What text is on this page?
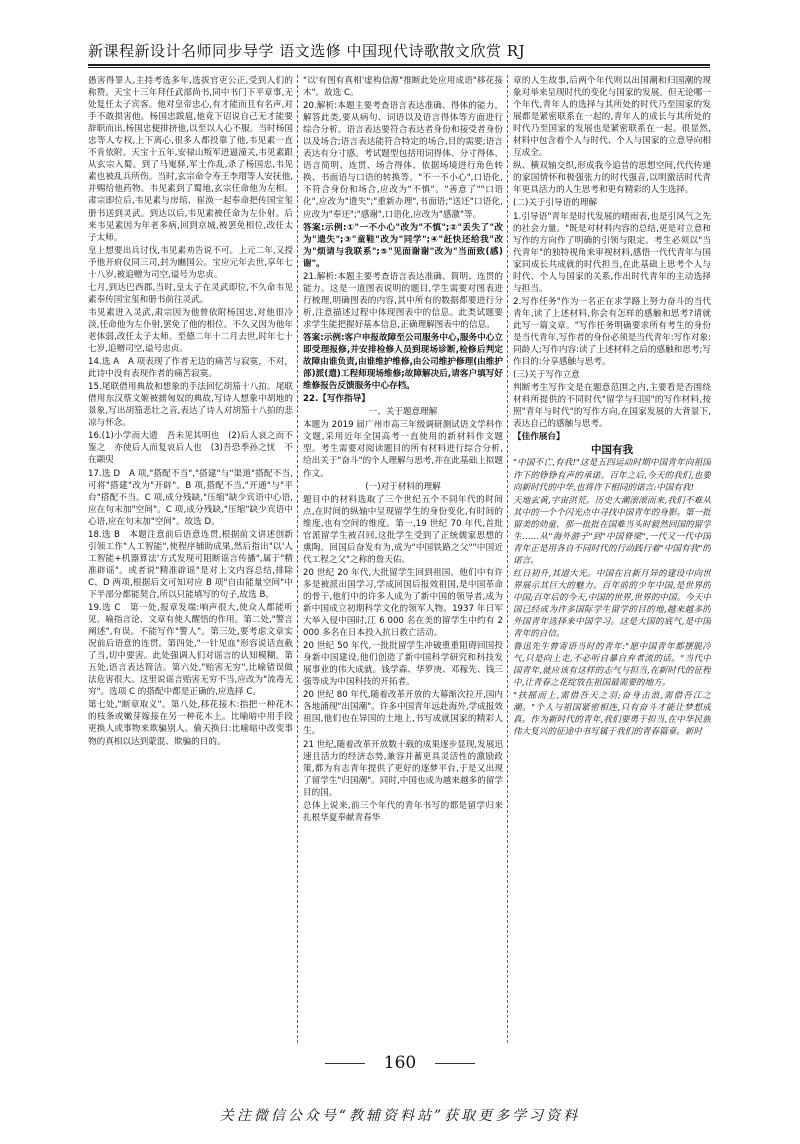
新课程新设计名师同步导学 语文选修 中国现代诗歌散文欣赏 RJ

愚害得罪人,主持考选多年,选拔官吏公正,受到人们的称赞。天宝十三年拜任武部尚书,同中书门下平章事,无处复任太子宾客。他对皇帝忠心,有才能而且有名声,对手不敢损害他。杨国忠跋扈,他竟下诏说自己无才能要辞职而出,杨国忠便排挤他,以至以人心不服。当时杨国忠等人专权,上下离心,很多人都投靠了他,韦见素一直不肯依附。天宝十五年,安禄山叛军进逼潼关,韦见素跟从玄宗入蜀。到了马嵬驿,军士作乱,杀了杨国忠,韦见素也被乱兵所伤。当时,玄宗命令寿王李瑁等人安抚他,并赐给他药物。韦见素到了蜀地,玄宗任命他为左相。肃宗即位后,韦见素与房琯、崔涣一起奉命把传国宝玺册书送到灵武。到达以后,韦见素被任命为左仆射。后来韦见素因为年老多病,回到京城,被罢免相位,改任太子太师。

皇上想要出兵讨伐,韦见素劝告说不可。上元二年,又授予他开府仪同三司,封为豳国公。宝应元年去世,享年七十八岁,被追赠为司空,谥号为忠贞。

七月,到达巴西郡,当时,皇太子在灵武即位,不久命韦见素奉传国宝玺和册书前往灵武。

韦见素进入灵武,肃宗因为他曾依附杨国忠,对他很冷淡,任命他为左仆射,罢免了他的相位。不久又因为他年老体弱,改任太子太师。至德二年十二月去世,时年七十七岁,追赠司空,谥号忠贞。

14.选 A　A 项表现了作者无边的痛苦与寂寞，不对，此诗中没有表现作者的痛苦寂寞。

15.尾联借用典故和想象的手法回忆胡笳十八拍。尾联借用东汉蔡文姬被掳匈奴的典故,写诗人想象中胡地的景象,写出胡笳悲壮之音,表达了诗人对胡笳十八拍的悲凉与怀念。

16.(1)小学而大遗　吾未见其明也　(2)后人哀之而不鉴之　亦使后人而复哀后人也　(3)吾恐季孙之忧　不在颛臾

17.选 D　A 项,"搭配不当","搭建"与"渠道"搭配不当,可将"搭建"改为"开辟"。B 项,搭配不当,"开通"与"平台"搭配不当。C 项,成分残缺,"压缩"缺少宾语中心语,应在句末加"空间"。C 项,成分残缺,"压缩"缺少宾语中心语,应在句末加"空间"。故选 D。

18.选 B　本题注意前后语意连贯,根据前文讲述创新引领工作"人工智能",使程序辅助成果,然后指出"以'人工智能+机器算法'方式发现可阻断谣言传播",属于"精准辟谣"。或者说"精准辟谣"是对上文内容总结,排除 C、D 两项,根据后文可知对应 B 项"自由能量空间"中下半部分都能契合,所以只能填写的句子,故选 B。

19.选 C　第一处,报章发端:响声很大,使众人都能听见。喻指言论、文章有使人醒悟的作用。第二处,"警言阐述",有误。不能写作"警人"。第三处,要考虑文章实况前后语意的连贯。第四处,"一针见血"形容说话直截了当,切中要害。此处强调人们对谣言的认知模糊。第五处,语言表达简洁。第六处,"贻害无穷",比喻错误做法危害很大。这里说谣言贻害无穷不当,应改为"流毒无穷"。选项 C 的搭配中都是正确的,应选择 C。

第七处,"断章取义"。第八处,移花接木:指把一种花木的枝条或嫩芽嫁接在另一种花木上。比喻暗中用手段更换人或事物来欺骗别人。偷天换日:比喻暗中改变事物的真相以达到蒙混、欺骗的目的。

"以'有图有真相'虚构信源"推断此处应用成语"移花接木"。故选 C。

20.解析:本题主要考查语言表达准确、得体的能力。解答此类,要从病句、词语以及语言得体等方面进行综合分析。语言表达要符合表达者身份和接受者身份以及场合;语言表达能符合特定的场合,目的需要;语言表达有分寸感。考试题型包括用词得体、分寸得体、语言简明、连贯、场合得体、依据场境进行角色转换、书面语与口语的转换等。"不一不小心",口语化,不符合身份和场合,应改为"不慎"。"善意了""口语化",应改为"遗失";"重新办理",书面语;"送还"口语化,应改为"奉还";"感谢",口语化,应改为"感激"等。

答案:示例:①"一不小心"改为"不慎";②"丢失了"改为"遗失";③"童鞋"改为"同学";④"赶快还给我"改为"烦请与我联系";⑤"见面谢谢"改为"当面致(感)谢"。

21.解析:本题主要考查语言表达准确、简明、连贯的能力。这是一道图表说明的题目,学生需要对图表进行梳理,明确图表的内容,其中所有的数据都要进行分析,注意描述过程中体现图表中的信息。此类试题要求学生能把握好基本信息,正确理解图表中的信息。

答案:示例:客户申报故障至公司服务中心,服务中心立即受理报修,并安排检修人员到现场诊断,检修后判定故障由谁负责,由谁维护维修,由公司维护修理(由维护部)派(遣)工程师现场维修;故障解决后,请客户填写好维修报告反馈服务中心存档。

22.【写作指导】

一、关于题意理解

本题为 2019 届广州市高三年级调研测试语文学科作文题,采用近年全国高考一直使用的新材料作文题型。考生需要对阅读题目的所有材料进行综合分析,给出关于"奋斗"的个人理解与思考,并在此基础上拟题作文。

(一)对于材料的理解

题目中的材料选取了三个世纪五个不同年代的时间点,在时间的纵轴中呈现留学生的身份变化,有时间的维度,也有空间的维度。第一,19 世纪 70 年代,首批官派留学生被召回,这批学生受到了正统儒家思想的熏陶。回国后奋发有为,成为"中国铁路之父""中国近代工程之父"之称的詹天佑。

20 世纪 20 年代,大批留学生回到祖国。他们中有许多是被派出国学习,学成回国后报效祖国,是中国革命的骨干,他们中的许多人成为了新中国的领导者,成为新中国成立初期科学文化的领军人物。1937 年日军大举入侵中国时,江 6 000 名在美的留学生中约有 2 000 多名在日本投入抗日救亡活动。

20 世纪 50 年代,一批批留学生冲破重重阻碍回国投身新中国建设,他们创造了新中国科学研究和科技发展事业的伟大成就。钱学森、华罗庚、邓稼先、钱三强等成为中国科技的开拓者。

20 世纪 80 年代,随着改革开放的大幕渐次拉开,国内各地涌现"出国潮"。许多中国青年远赴海外,学成报效祖国,他们也在异国的土地上,书写成就国家的精彩人生。

21 世纪,随着改革开放数十载的成果逐步显现,发展迅速且活力的经济态势,兼容并蓄更具灵活性的激励政策,都为有志青年提供了更好的逐梦平台,于是又出现了留学生"归国潮"。同时,中国也成为越来越多的留学目的国。

总体上说来,前三个年代的青年书写的都是留学归来扎根华夏奉献青春华

章的人生故事,后两个年代则以出国潮和归国潮的现象对举来呈现时代的变化与国家的发展。但无论哪一个年代,青年人的选择与其所处的时代乃至国家的发展都是紧密联系在一起的,青年人的成长与其所处的时代乃至国家的发展也是紧密联系在一起。很显然,材料中包含着个人与时代、个人与国家的立意导向相互成全。

纵、横双轴交织,形成我今追昔的思想空间,代代传递的家国情怀和极强张力的时代强音,以明激活时代青年更具活力的人生思考和更有精彩的人生选择。

(二)关于引导语的理解

1.引导语"青年是时代发展的晴雨表,也是引风气之先的社会力量。"既是对材料内容的总结,更是对立意和写作的方向作了明确的引领与限定。考生必须以"当代青年"的独特视角来审视材料,感悟一代代青年与国家同成长共成就的时代担当,在此基础上思考个人与时代、个人与国家的关系,作出时代青年的主动选择与担当。

2.写作任务"作为一名正在求学路上努力奋斗的当代青年,读了上述材料,你会有怎样的感触和思考?请就此写一篇文章。"写作任务明确要求所有考生的身份是当代青年,写作者的身份必须是当代青年:写作对象:同龄人;写作内容:读了上述材料之后的感触和思考;写作目的:分享感触与思考。

(三)关于写作立意

判断考生写作文是在题意范围之内,主要看是否围绕材料所提供的不同时代"留学与归国"的写作材料,按照"青年与时代"的写作方向,在国家发展的大背景下,表达自己的感触与思考。

【佳作展台】

中国有我

"中国不亡,有我!"这是五四运动时期中国青年向祖国许下的铮铮有声的承诺。百年之后,今天的我们,也要向新时代的中华,也将许下相同的诺言:中国有我!

天地玄黄,宇宙洪荒。历史大潮滚滚而来,我们不难从其中的一个个闪光点中寻找中国青年的身影。第一批留美的幼童、那一批批在国难当头时毅然回国的留学生……从"海外游子"到"中国脊梁",一代又一代中国青年正是用各自不同时代的行动践行着"中国有我"的诺言。

红日初升,其道大光。中国在自新月异的建设中向世界展示其巨大的魅力。百年前的少年中国,是世界的中国;百年后的今天,中国的世界,世界的中国。今天中国已经成为许多国际学生留学的目的地,越来越多的外国青年选择来中国学习。这是大国的底气,是中国青年的自信。

鲁迅先生曾寄语当时的青年:"愿中国青年都摆脱冷气,只是向上走,不必听自暴自弃者流的话。"当代中国青年,就应该有这样的志气与担当,在新时代的征程中,让青春之花绽放在祖国最需要的地方。

"扶摇而上,需借吾天之羽;奋身击浪,需借吾江之潮。"个人与祖国紧密相连,只有奋斗才能让梦想成真。作为新时代的青年,我们要勇于担当,在中华民族伟大复兴的征途中书写属于我们的青春篇章。新时

160
关注微信公众号“教辅资料站”获取更多学习资料
